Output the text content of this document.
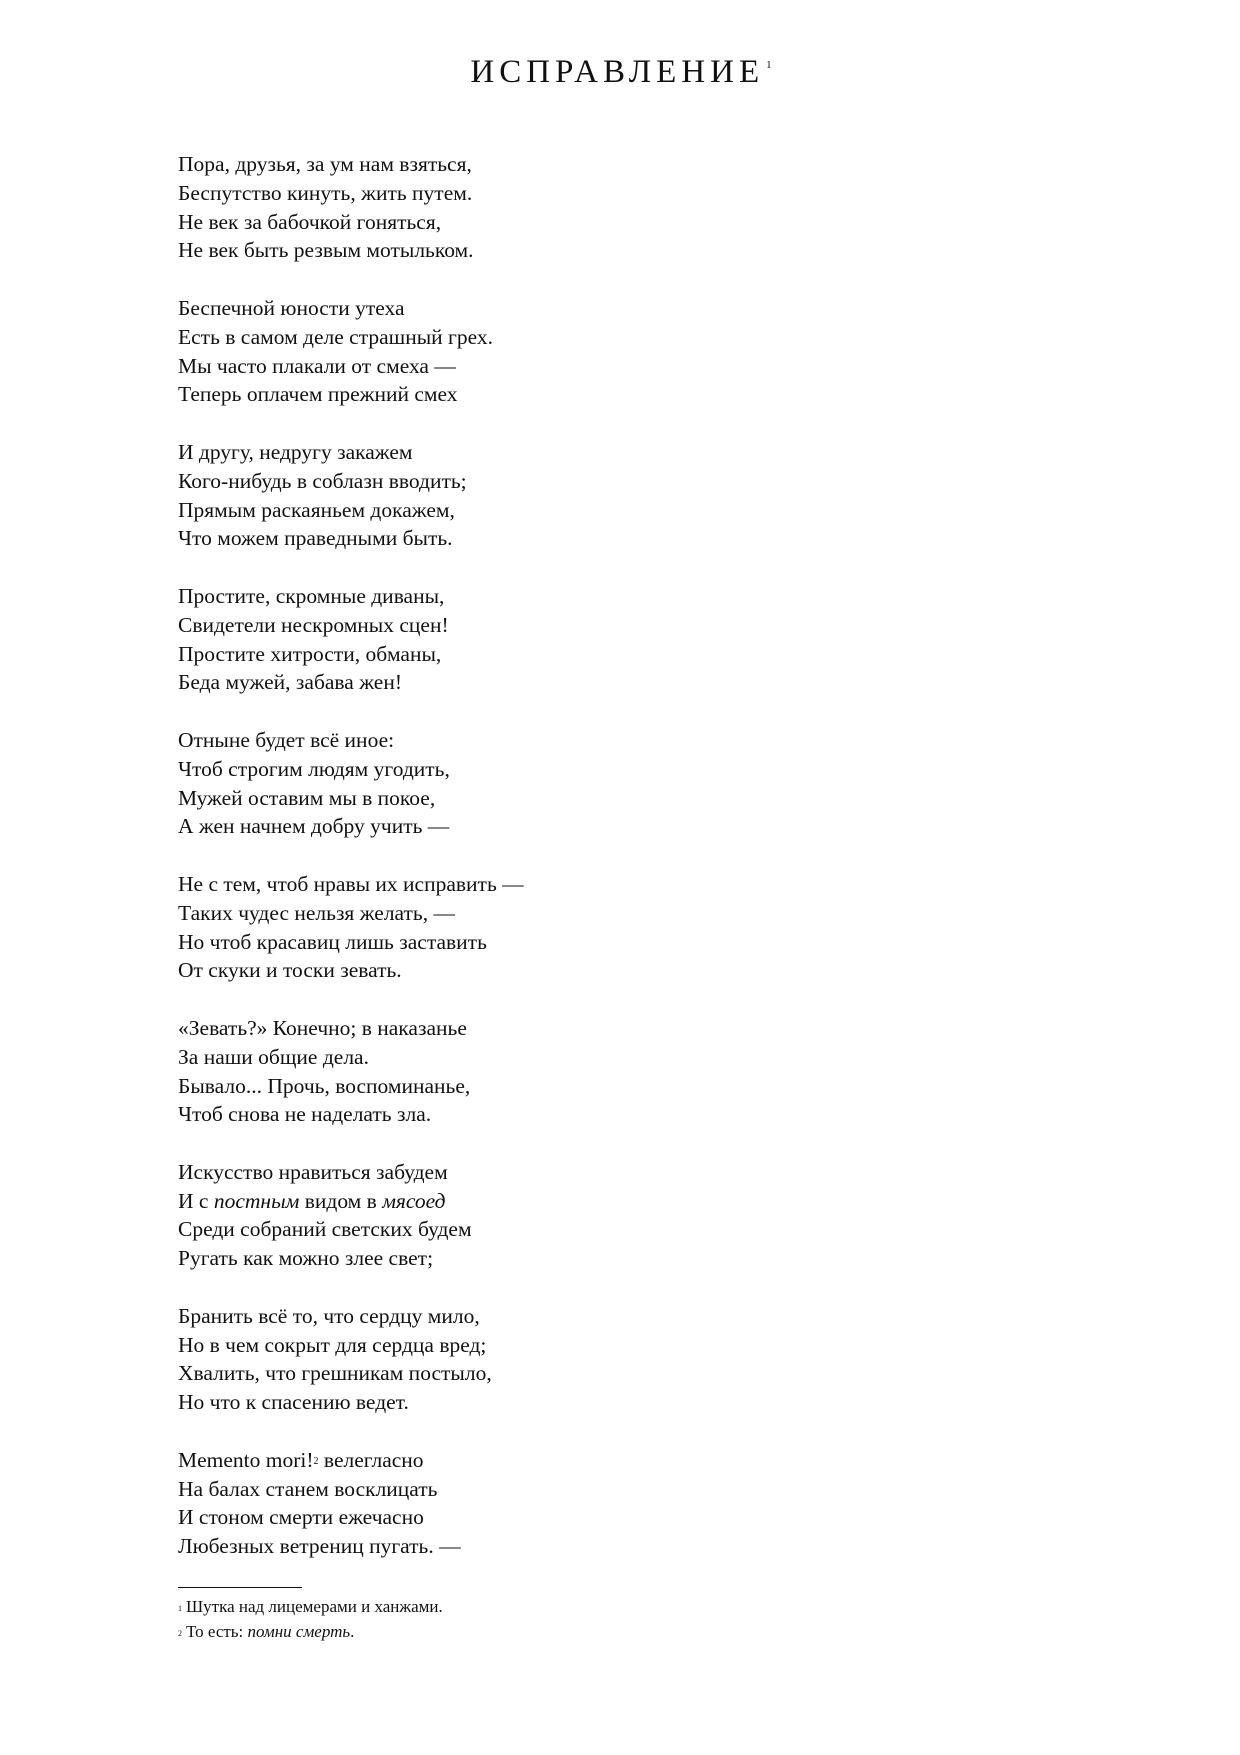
ИСПРАВЛЕНИЕ $^1$
Пора, друзья, за ум нам взяться,
Беспутство кинуть, жить путем.
Не век за бабочкой гоняться,
Не век быть резвым мотыльком.
Беспечной юности утеха
Есть в самом деле страшный грех.
Мы часто плакали от смеха —
Теперь оплачем прежний смех
И другу, недругу закажем
Кого-нибудь в соблазн вводить;
Прямым раскаяньем докажем,
Что можем праведными быть.
Простите, скромные диваны,
Свидетели нескромных сцен!
Простите хитрости, обманы,
Беда мужей, забава жен!
Отныне будет всё иное:
Чтоб строгим людям угодить,
Мужей оставим мы в покое,
А жен начнем добру учить —
Не с тем, чтоб нравы их исправить —
Таких чудес нельзя желать, —
Но чтоб красавиц лишь заставить
От скуки и тоски зевать.
«Зевать?» Конечно; в наказанье
За наши общие дела.
Бывало... Прочь, воспоминанье,
Чтоб снова не наделать зла.
Искусство нравиться забудем
И с постным видом в мясоед
Среди собраний светских будем
Ругать как можно злее свет;
Бранить всё то, что сердцу мило,
Но в чем сокрыт для сердца вред;
Хвалить, что грешникам постыло,
Но что к спасению ведет.
Memento mori!$^2$ велегласно
На балах станем восклицать
И стоном смерти ежечасно
Любезных ветрениц пугать. —
$^1$ Шутка над лицемерами и ханжами.
$^2$ То есть: помни смерть.
